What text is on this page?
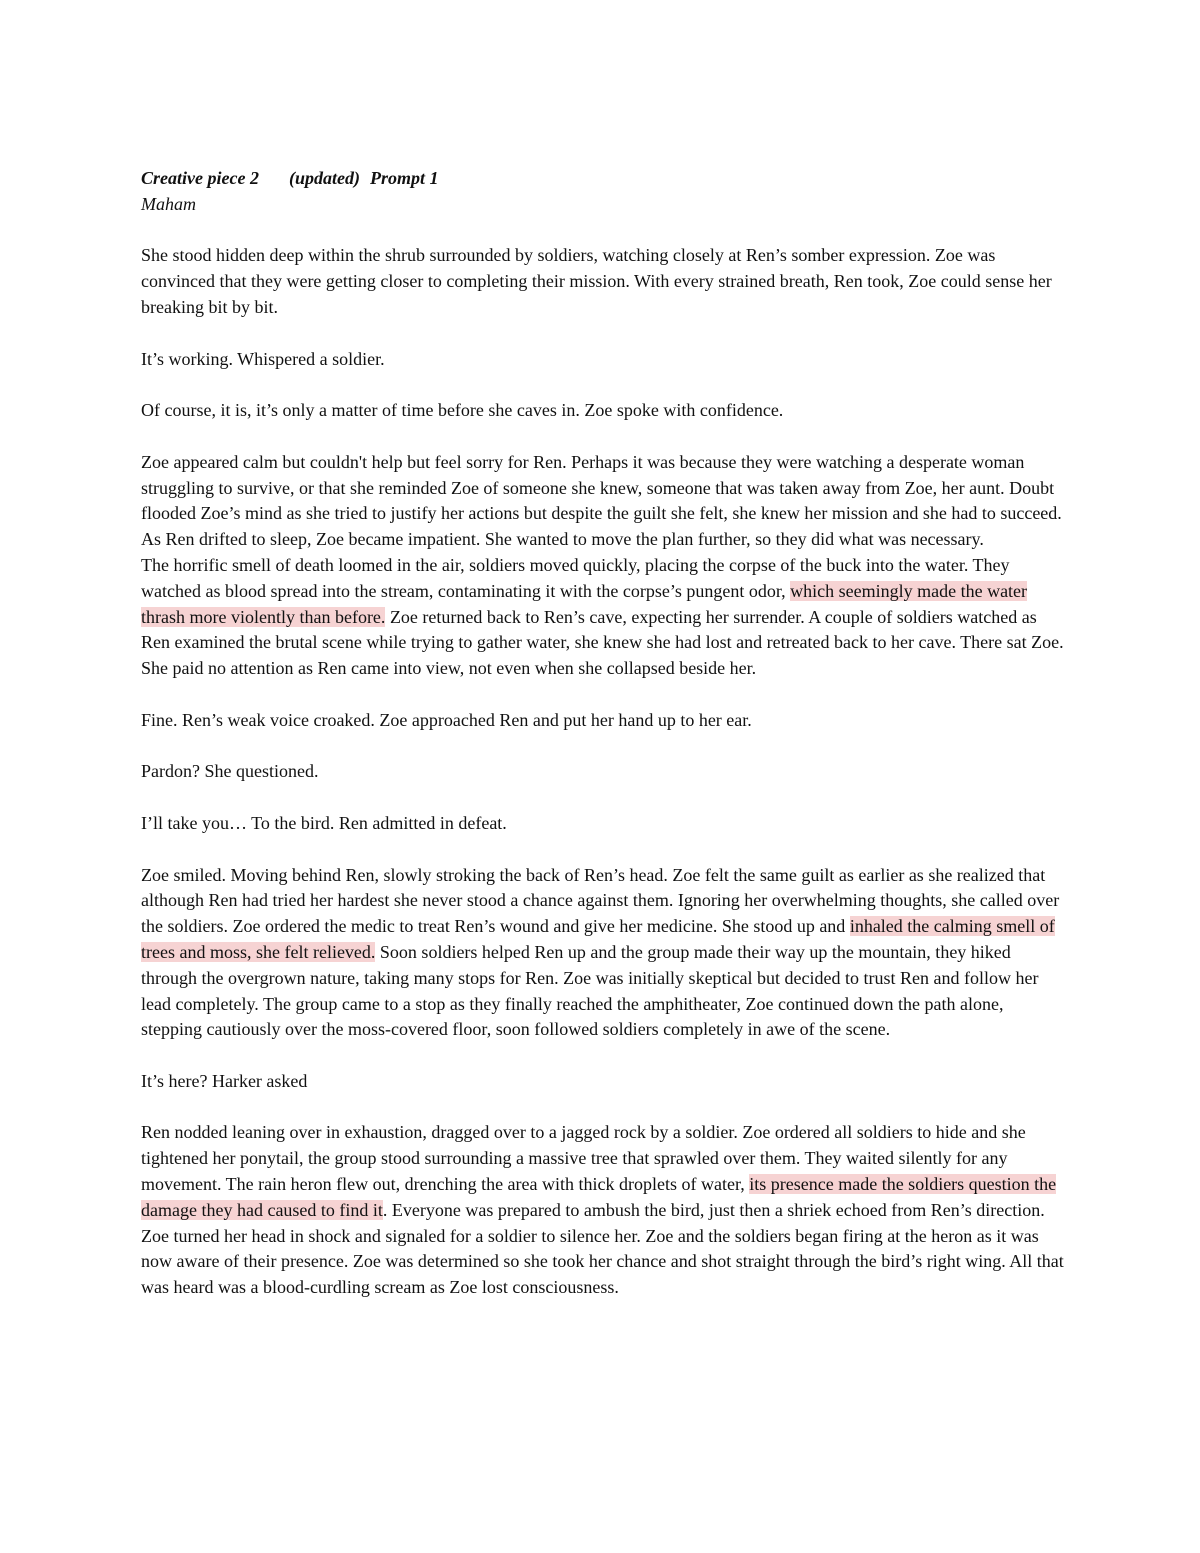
Creative piece 2 (updated) Prompt 1
Maham
She stood hidden deep within the shrub surrounded by soldiers, watching closely at Ren’s somber expression. Zoe was convinced that they were getting closer to completing their mission. With every strained breath, Ren took, Zoe could sense her breaking bit by bit.
It’s working. Whispered a soldier.
Of course, it is, it’s only a matter of time before she caves in. Zoe spoke with confidence.
Zoe appeared calm but couldn't help but feel sorry for Ren. Perhaps it was because they were watching a desperate woman struggling to survive, or that she reminded Zoe of someone she knew, someone that was taken away from Zoe, her aunt. Doubt flooded Zoe’s mind as she tried to justify her actions but despite the guilt she felt, she knew her mission and she had to succeed. As Ren drifted to sleep, Zoe became impatient. She wanted to move the plan further, so they did what was necessary.
The horrific smell of death loomed in the air, soldiers moved quickly, placing the corpse of the buck into the water. They watched as blood spread into the stream, contaminating it with the corpse’s pungent odor, which seemingly made the water thrash more violently than before. Zoe returned back to Ren’s cave, expecting her surrender. A couple of soldiers watched as Ren examined the brutal scene while trying to gather water, she knew she had lost and retreated back to her cave. There sat Zoe. She paid no attention as Ren came into view, not even when she collapsed beside her.
Fine. Ren’s weak voice croaked. Zoe approached Ren and put her hand up to her ear.
Pardon? She questioned.
I’ll take you… To the bird. Ren admitted in defeat.
Zoe smiled. Moving behind Ren, slowly stroking the back of Ren’s head. Zoe felt the same guilt as earlier as she realized that although Ren had tried her hardest she never stood a chance against them. Ignoring her overwhelming thoughts, she called over the soldiers. Zoe ordered the medic to treat Ren’s wound and give her medicine. She stood up and inhaled the calming smell of trees and moss, she felt relieved. Soon soldiers helped Ren up and the group made their way up the mountain, they hiked through the overgrown nature, taking many stops for Ren. Zoe was initially skeptical but decided to trust Ren and follow her lead completely. The group came to a stop as they finally reached the amphitheater, Zoe continued down the path alone, stepping cautiously over the moss-covered floor, soon followed soldiers completely in awe of the scene.
It’s here? Harker asked
Ren nodded leaning over in exhaustion, dragged over to a jagged rock by a soldier. Zoe ordered all soldiers to hide and she tightened her ponytail, the group stood surrounding a massive tree that sprawled over them. They waited silently for any movement. The rain heron flew out, drenching the area with thick droplets of water, its presence made the soldiers question the damage they had caused to find it. Everyone was prepared to ambush the bird, just then a shriek echoed from Ren’s direction. Zoe turned her head in shock and signaled for a soldier to silence her. Zoe and the soldiers began firing at the heron as it was now aware of their presence. Zoe was determined so she took her chance and shot straight through the bird’s right wing. All that was heard was a blood-curdling scream as Zoe lost consciousness.
